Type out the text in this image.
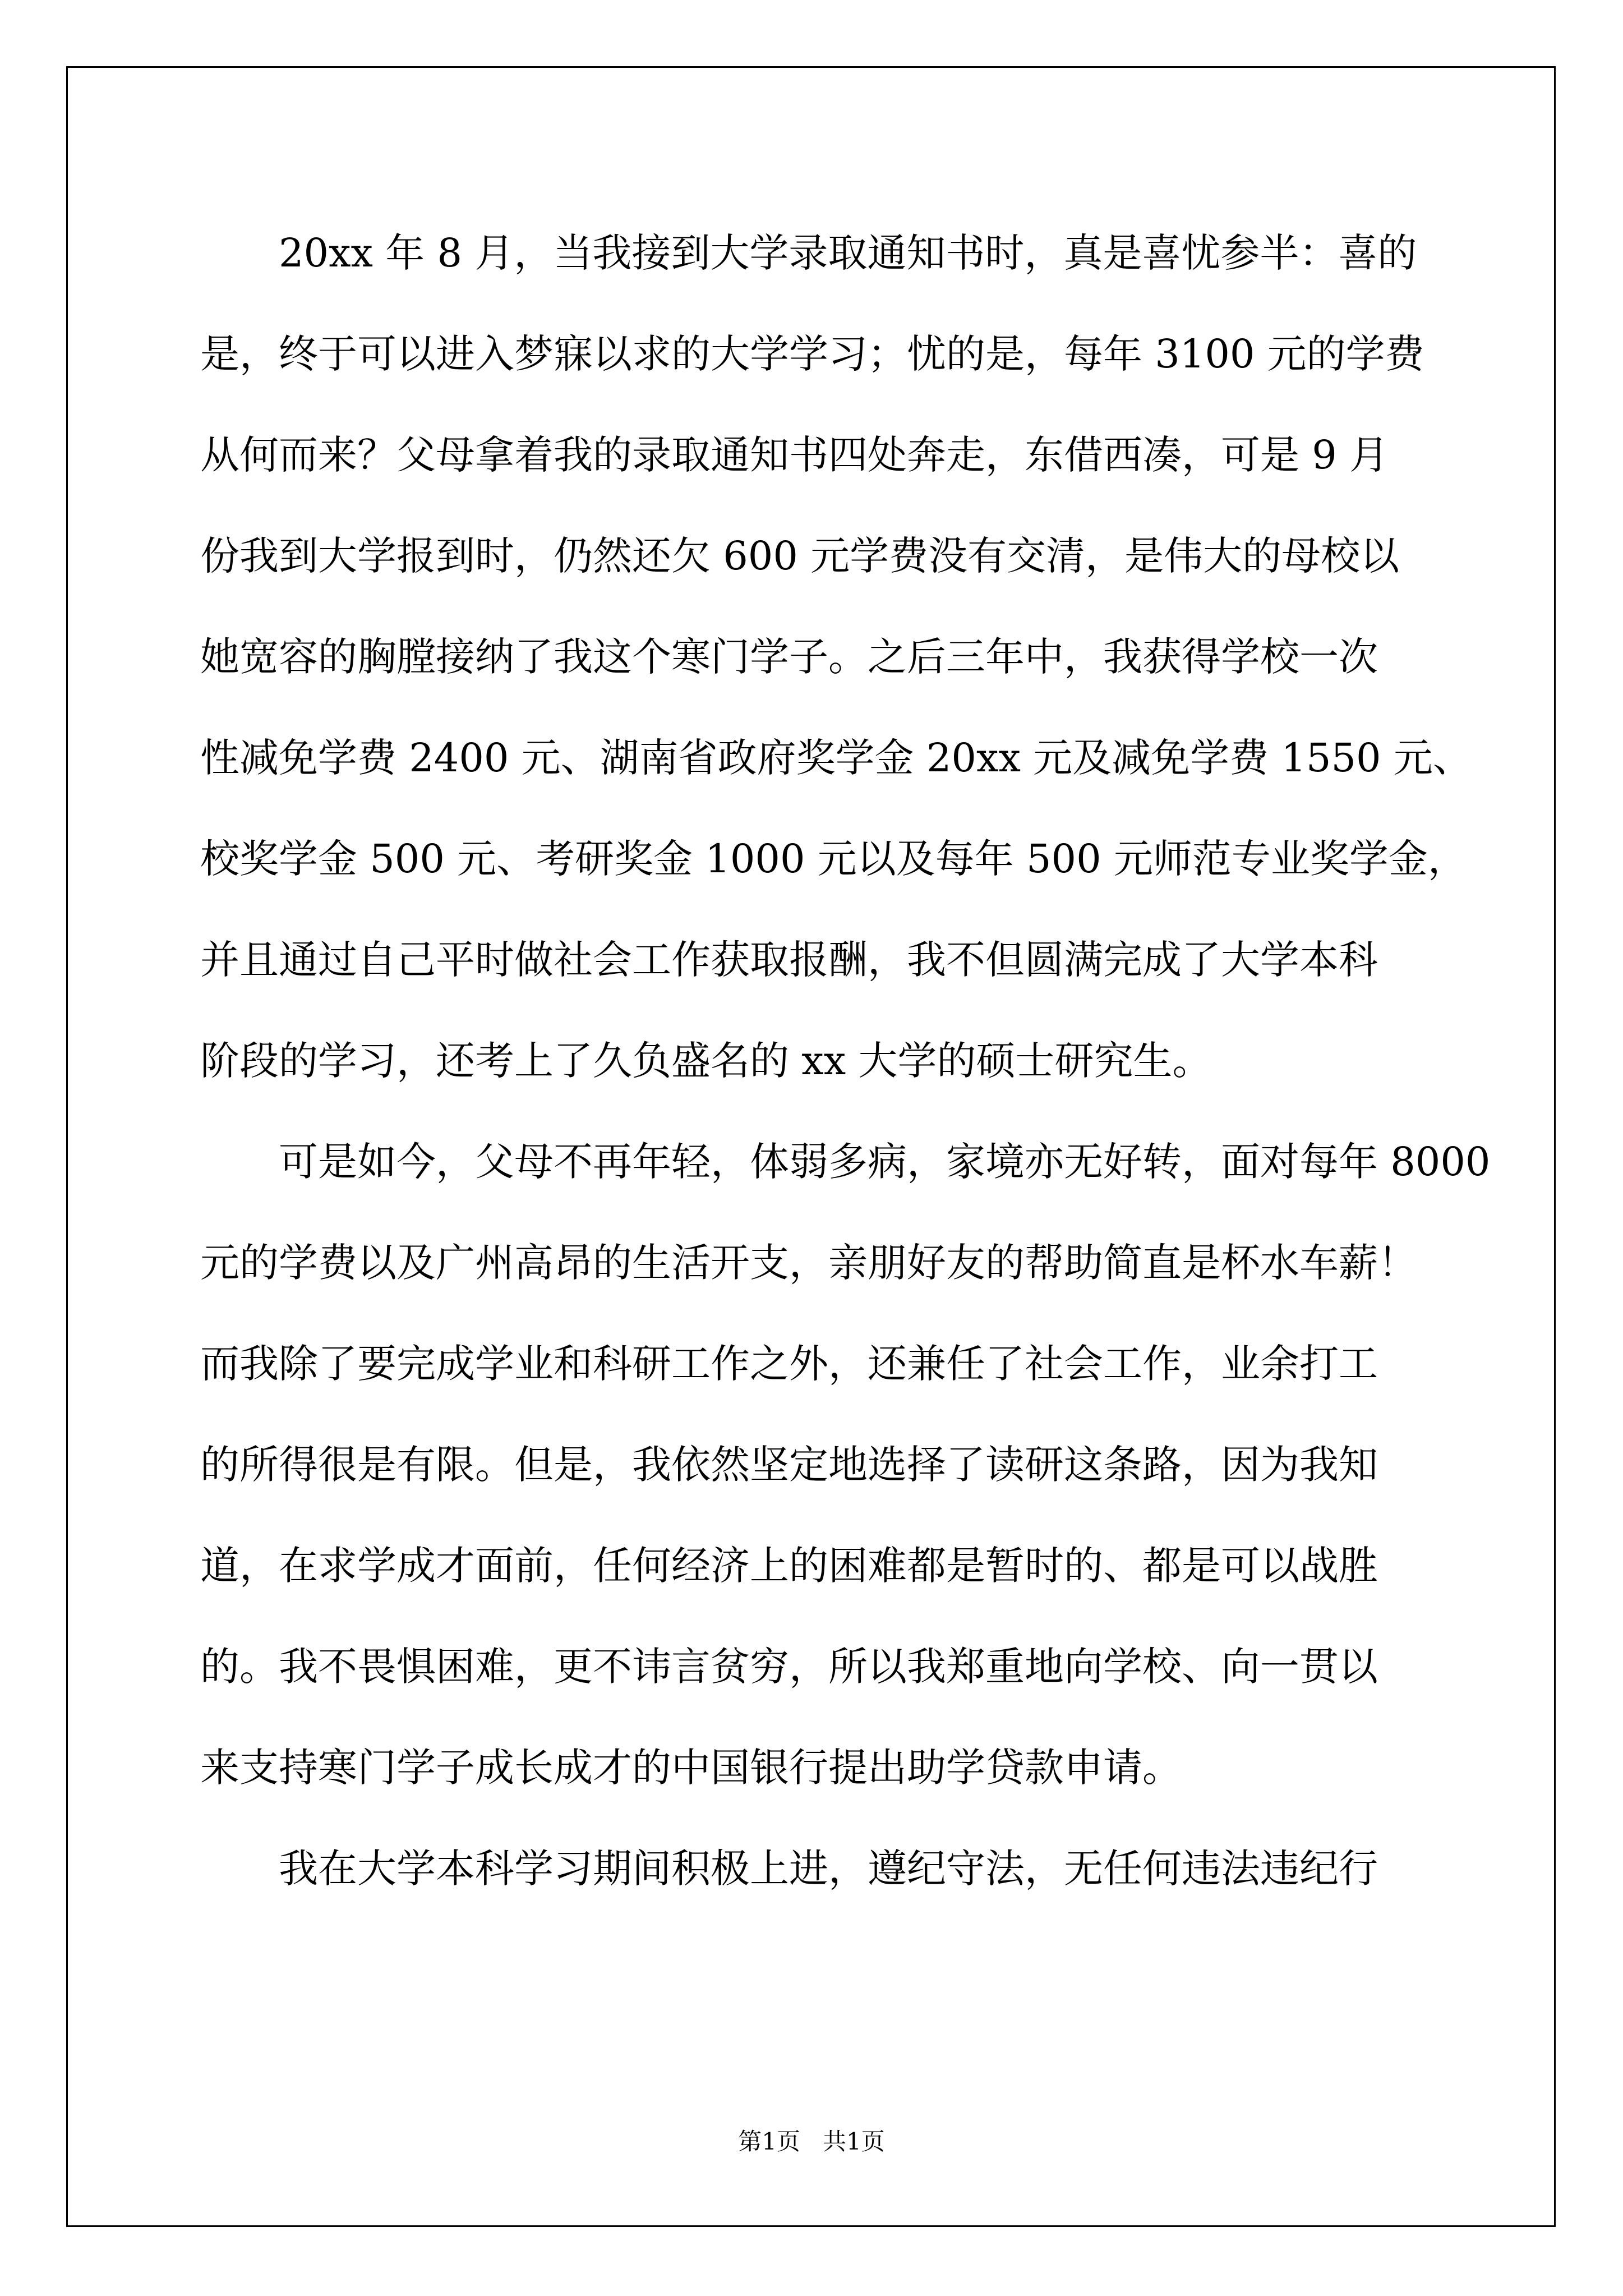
20xx 年 8 月，当我接到大学录取通知书时，真是喜忧参半：喜的
是，终于可以进入梦寐以求的大学学习；忧的是，每年 3100 元的学费
从何而来？父母拿着我的录取通知书四处奔走，东借西凑，可是 9 月
份我到大学报到时，仍然还欠 600 元学费没有交清，是伟大的母校以
她宽容的胸膛接纳了我这个寒门学子。之后三年中，我获得学校一次
性减免学费 2400 元、湖南省政府奖学金 20xx 元及减免学费 1550 元、
校奖学金 500 元、考研奖金 1000 元以及每年 500 元师范专业奖学金，
并且通过自己平时做社会工作获取报酬，我不但圆满完成了大学本科
阶段的学习，还考上了久负盛名的 xx 大学的硕士研究生。
可是如今，父母不再年轻，体弱多病，家境亦无好转，面对每年 8000
元的学费以及广州高昂的生活开支，亲朋好友的帮助简直是杯水车薪！
而我除了要完成学业和科研工作之外，还兼任了社会工作，业余打工
的所得很是有限。但是，我依然坚定地选择了读研这条路，因为我知
道，在求学成才面前，任何经济上的困难都是暂时的、都是可以战胜
的。我不畏惧困难，更不讳言贫穷，所以我郑重地向学校、向一贯以
来支持寒门学子成长成才的中国银行提出助学贷款申请。
我在大学本科学习期间积极上进，遵纪守法，无任何违法违纪行
第1页   共1页
